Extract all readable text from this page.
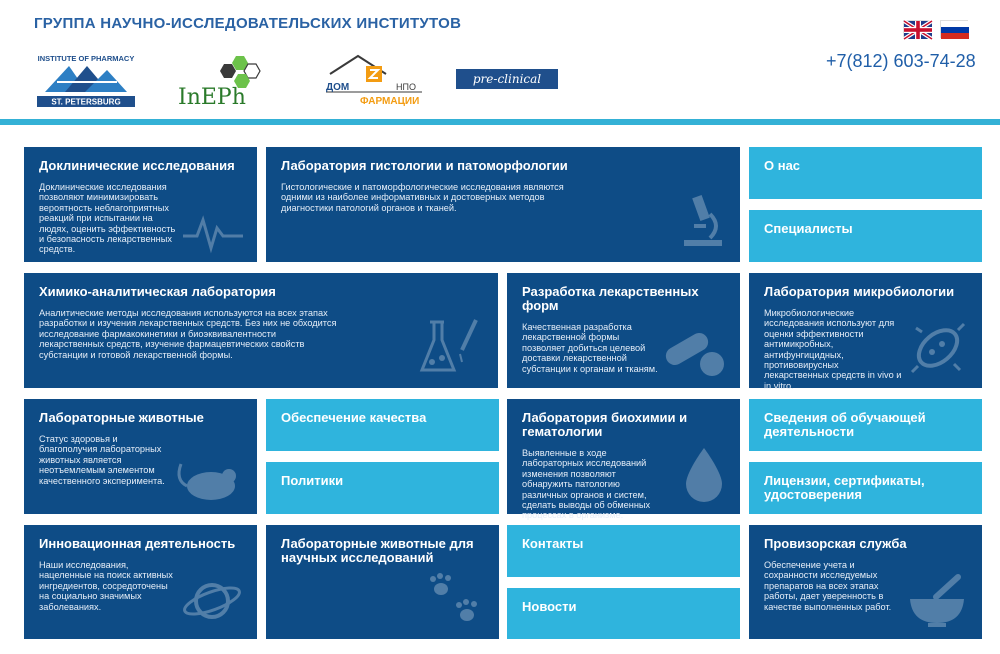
ГРУППА НАУЧНО-ИССЛЕДОВАТЕЛЬСКИХ ИНСТИТУТОВ
+7(812) 603-74-28
INSTITUTE OF PHARMACY
ST. PETERSBURG	InEPh	ДОМ	НПО
ФАРМАЦИИ
pre-clinical
Доклинические исследования

Доклинические исследования
позволяют минимизировать
вероятность неблагоприятных
реакций при испытании на
людях, оценить эффективность
и безопасность лекарственных
средств.

Лаборатория гистологии и патоморфологии

Гистологические и патоморфологические исследования являются
одними из наиболее информативных и достоверных методов
диагностики патологий органов и тканей.

О нас
Специалисты
Химико-аналитическая лаборатория

Аналитические методы исследования используются на всех этапах
разработки и изучения лекарственных средств. Без них не обходится
исследование фармакокинетики и биоэквивалентности
лекарственных средств, изучение фармацевтических свойств
субстанции и готовой лекарственной формы.

Разработка лекарственных
форм

Качественная разработка
лекарственной формы
позволяет добиться целевой
доставки лекарственной
субстанции к органам и тканям.

Лаборатория микробиологии

Микробиологические
исследования используют для
оценки эффективности
антимикробных,
антифунгицидных,
противовирусных
лекарственных средств in vivo и
in vitro.

Лабораторные животные

Статус здоровья и
благополучия лабораторных
животных является
неотъемлемым элементом
качественного эксперимента.

Обеспечение качества
Политики
Лаборатория биохимии и
гематологии

Выявленные в ходе
лабораторных исследований
изменения позволяют
обнаружить патологию
различных органов и систем,
сделать выводы об обменных
процессах в организме.

Сведения об обучающей
деятельности
Лицензии, сертификаты,
удостоверения
Инновационная деятельность

Наши исследования,
нацеленные на поиск активных
ингредиентов, сосредоточены
на социально значимых
заболеваниях.

Лабораторные животные для
научных исследований
Контакты
Новости
Провизорская служба

Обеспечение учета и
сохранности исследуемых
препаратов на всех этапах
работы, дает уверенность в
качестве выполненных работ.
